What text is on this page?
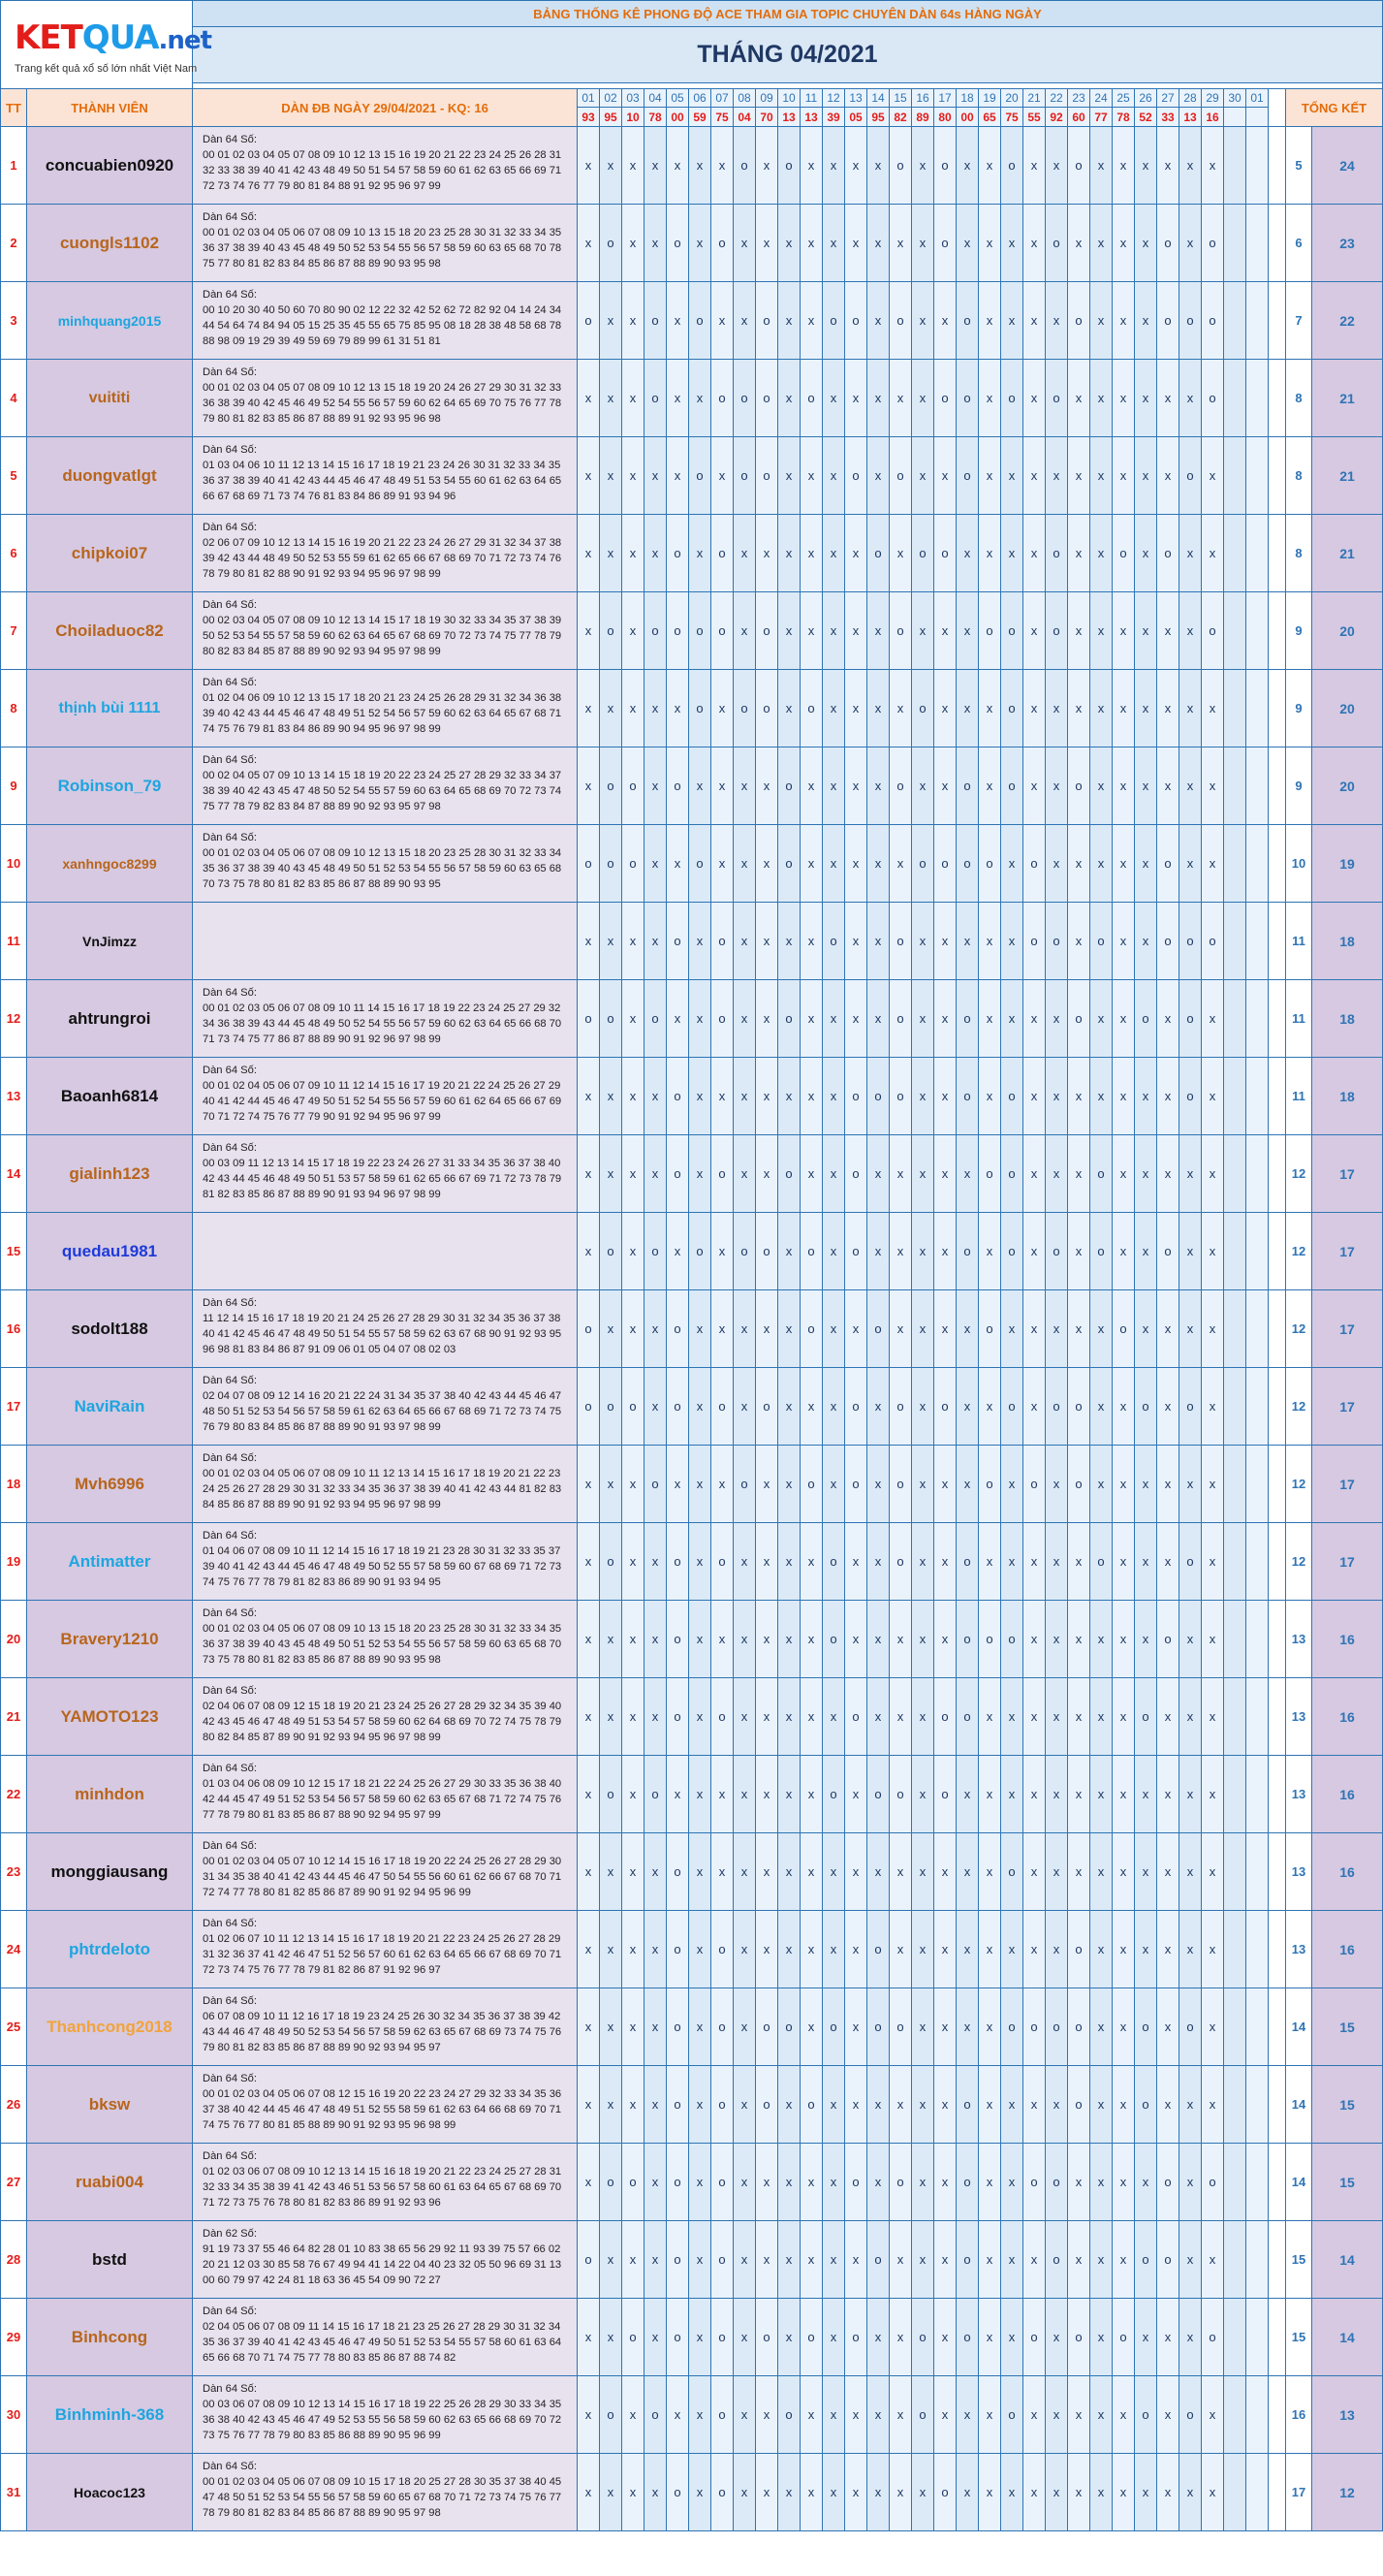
KETQUA.net
Trang kết quả xổ số lớn nhất Việt Nam		BẢNG THỐNG KÊ PHONG ĐỘ ACE THAM GIA TOPIC CHUYÊN DÀN 64s HÀNG NGÀY																																		
		THÁNG 04/2021																																		

TT	THÀNH VIÊN	DÀN ĐB NGÀY 29/04/2021 - KQ: 16	01	02	03	04	05	06	07	08	09	10	11	12	13	14	15	16	17	18	19	20	21	22	23	24	25	26	27	28	29	30	01		TỔNG KẾT	
			93	95	10	78	00	59	75	04	70	13	13	39	05	95	82	89	80	00	65	75	55	92	60	77	78	52	33	13	16					
1	concuabien0920	Dàn 64 Số:
00 01 02 03 04 05 07 08 09 10 12 13 15 16 19 20 21 22 23 24 25 26 28 31 32 33 38 39 40 41 42 43 48 49 50 51 54 57 58 59 60 61 62 63 65 66 69 71 72 73 74 76 77 79 80 81 84 88 91 92 95 96 97 99	x	x	x	x	x	x	x	o	x	o	x	x	x	x	o	x	o	x	x	o	x	x	o	x	x	x	x	x	x				5	24
2	cuongls1102	Dàn 64 Số:
00 01 02 03 04 05 06 07 08 09 10 13 15 18 20 23 25 28 30 31 32 33 34 35 36 37 38 39 40 43 45 48 49 50 52 53 54 55 56 57 58 59 60 63 65 68 70 78 75 77 80 81 82 83 84 85 86 87 88 89 90 93 95 98	x	o	x	x	o	x	o	x	x	x	x	x	x	x	x	x	o	x	x	x	x	o	x	x	x	x	o	x	o				6	23
3	minhquang2015	Dàn 64 Số:
00 10 20 30 40 50 60 70 80 90 02 12 22 32 42 52 62 72 82 92 04 14 24 34 44 54 64 74 84 94 05 15 25 35 45 55 65 75 85 95 08 18 28 38 48 58 68 78 88 98 09 19 29 39 49 59 69 79 89 99 61 31 51 81	o	x	x	o	x	o	x	x	o	x	x	o	o	x	o	x	x	o	x	x	x	x	o	x	x	x	o	o	o				7	22
4	vuititi	Dàn 64 Số:
00 01 02 03 04 05 07 08 09 10 12 13 15 18 19 20 24 26 27 29 30 31 32 33 36 38 39 40 42 45 46 49 52 54 55 56 57 59 60 62 64 65 69 70 75 76 77 78 79 80 81 82 83 85 86 87 88 89 91 92 93 95 96 98	x	x	x	o	x	x	o	o	o	x	o	x	x	x	x	x	o	o	x	o	x	o	x	x	x	x	x	x	o				8	21
5	duongvatlgt	Dàn 64 Số:
01 03 04 06 10 11 12 13 14 15 16 17 18 19 21 23 24 26 30 31 32 33 34 35 36 37 38 39 40 41 42 43 44 45 46 47 48 49 51 53 54 55 60 61 62 63 64 65 66 67 68 69 71 73 74 76 81 83 84 86 89 91 93 94 96	x	x	x	x	x	o	x	o	o	x	x	x	o	x	o	x	x	o	x	x	x	x	x	x	x	x	x	o	x				8	21
6	chipkoi07	Dàn 64 Số:
02 06 07 09 10 12 13 14 15 16 19 20 21 22 23 24 26 27 29 31 32 34 37 38 39 42 43 44 48 49 50 52 53 55 59 61 62 65 66 67 68 69 70 71 72 73 74 76 78 79 80 81 82 88 90 91 92 93 94 95 96 97 98 99	x	x	x	x	o	x	o	x	x	x	x	x	x	o	x	o	o	x	x	x	x	o	x	x	o	x	o	x	x				8	21
7	Choiladuoc82	Dàn 64 Số:
00 02 03 04 05 07 08 09 10 12 13 14 15 17 18 19 30 32 33 34 35 37 38 39 50 52 53 54 55 57 58 59 60 62 63 64 65 67 68 69 70 72 73 74 75 77 78 79 80 82 83 84 85 87 88 89 90 92 93 94 95 97 98 99	x	o	x	o	o	o	o	x	o	x	x	x	x	x	o	x	x	x	o	o	x	o	x	x	x	x	x	x	o				9	20
8	thịnh bùi 1111	Dàn 64 Số:
01 02 04 06 09 10 12 13 15 17 18 20 21 23 24 25 26 28 29 31 32 34 36 38 39 40 42 43 44 45 46 47 48 49 51 52 54 56 57 59 60 62 63 64 65 67 68 71 74 75 76 79 81 83 84 86 89 90 94 95 96 97 98 99	x	x	x	x	x	o	x	o	o	x	o	x	x	x	x	o	x	x	x	o	x	x	x	x	x	x	x	x	x				9	20
9	Robinson_79	Dàn 64 Số:
00 02 04 05 07 09 10 13 14 15 18 19 20 22 23 24 25 27 28 29 32 33 34 37 38 39 40 42 43 45 47 48 50 52 54 55 57 59 60 63 64 65 68 69 70 72 73 74 75 77 78 79 82 83 84 87 88 89 90 92 93 95 97 98	x	o	o	x	o	x	x	x	x	o	x	x	x	x	o	x	x	o	x	o	x	x	o	x	x	x	x	x	x				9	20
10	xanhngoc8299	Dàn 64 Số:
00 01 02 03 04 05 06 07 08 09 10 12 13 15 18 20 23 25 28 30 31 32 33 34 35 36 37 38 39 40 43 45 48 49 50 51 52 53 54 55 56 57 58 59 60 63 65 68 70 73 75 78 80 81 82 83 85 86 87 88 89 90 93 95	o	o	o	x	x	o	x	x	x	o	x	x	x	x	x	o	o	o	o	x	o	x	x	x	x	x	o	x	x				10	19
11	VnJimzz		x	x	x	x	o	x	o	x	x	x	x	o	x	x	o	x	x	x	x	x	o	o	x	o	x	x	o	o	o				11	18
12	ahtrungroi	Dàn 64 Số:
00 01 02 03 05 06 07 08 09 10 11 14 15 16 17 18 19 22 23 24 25 27 29 32 34 36 38 39 43 44 45 48 49 50 52 54 55 56 57 59 60 62 63 64 65 66 68 70 71 73 74 75 77 86 87 88 89 90 91 92 96 97 98 99	o	o	x	o	x	x	o	x	x	o	x	x	x	x	o	x	x	o	x	x	x	x	o	x	x	o	x	o	x				11	18
13	Baoanh6814	Dàn 64 Số:
00 01 02 04 05 06 07 09 10 11 12 14 15 16 17 19 20 21 22 24 25 26 27 29 40 41 42 44 45 46 47 49 50 51 52 54 55 56 57 59 60 61 62 64 65 66 67 69 70 71 72 74 75 76 77 79 90 91 92 94 95 96 97 99	x	x	x	x	o	x	x	x	x	x	x	x	o	o	o	x	x	o	x	o	x	x	x	x	x	x	x	o	x				11	18
14	gialinh123	Dàn 64 Số:
00 03 09 11 12 13 14 15 17 18 19 22 23 24 26 27 31 33 34 35 36 37 38 40 42 43 44 45 46 48 49 50 51 53 57 58 59 61 62 65 66 67 69 71 72 73 78 79 81 82 83 85 86 87 88 89 90 91 93 94 96 97 98 99	x	x	x	x	o	x	o	x	x	o	x	x	o	x	x	x	x	x	o	o	x	x	x	o	x	x	x	x	x				12	17
15	quedau1981		x	o	x	o	x	o	x	o	o	x	o	x	o	x	x	x	x	o	x	o	x	o	x	o	x	x	o	x	x				12	17
16	sodolt188	Dàn 64 Số:
11 12 14 15 16 17 18 19 20 21 24 25 26 27 28 29 30 31 32 34 35 36 37 38 40 41 42 45 46 47 48 49 50 51 54 55 57 58 59 62 63 67 68 90 91 92 93 95 96 98 81 83 84 86 87 91 09 06 01 05 04 07 08 02 03	o	x	x	x	o	x	x	x	x	x	o	x	x	o	x	x	x	x	o	x	x	x	x	x	o	x	x	x	x				12	17
17	NaviRain	Dàn 64 Số:
02 04 07 08 09 12 14 16 20 21 22 24 31 34 35 37 38 40 42 43 44 45 46 47 48 50 51 52 53 54 56 57 58 59 61 62 63 64 65 66 67 68 69 71 72 73 74 75 76 79 80 83 84 85 86 87 88 89 90 91 93 97 98 99	o	o	o	x	o	x	o	x	o	x	x	x	o	x	o	x	o	x	x	o	x	o	o	x	x	o	x	o	x				12	17
18	Mvh6996	Dàn 64 Số:
00 01 02 03 04 05 06 07 08 09 10 11 12 13 14 15 16 17 18 19 20 21 22 23 24 25 26 27 28 29 30 31 32 33 34 35 36 37 38 39 40 41 42 43 44 81 82 83 84 85 86 87 88 89 90 91 92 93 94 95 96 97 98 99	x	x	x	o	x	x	x	o	x	x	o	x	o	x	o	x	x	x	o	x	o	x	o	x	x	x	x	x	x				12	17
19	Antimatter	Dàn 64 Số:
01 04 06 07 08 09 10 11 12 14 15 16 17 18 19 21 23 28 30 31 32 33 35 37 39 40 41 42 43 44 45 46 47 48 49 50 52 55 57 58 59 60 67 68 69 71 72 73 74 75 76 77 78 79 81 82 83 86 89 90 91 93 94 95	x	o	x	x	o	x	o	x	x	x	x	o	x	x	o	x	x	o	x	x	x	x	x	o	x	x	x	o	x				12	17
20	Bravery1210	Dàn 64 Số:
00 01 02 03 04 05 06 07 08 09 10 13 15 18 20 23 25 28 30 31 32 33 34 35 36 37 38 39 40 43 45 48 49 50 51 52 53 54 55 56 57 58 59 60 63 65 68 70 73 75 78 80 81 82 83 85 86 87 88 89 90 93 95 98	x	x	x	x	o	x	x	x	x	x	x	o	x	x	x	x	x	o	o	o	x	x	x	x	x	x	o	x	x				13	16
21	YAMOTO123	Dàn 64 Số:
02 04 06 07 08 09 12 15 18 19 20 21 23 24 25 26 27 28 29 32 34 35 39 40 42 43 45 46 47 48 49 51 53 54 57 58 59 60 62 64 68 69 70 72 74 75 78 79 80 82 84 85 87 89 90 91 92 93 94 95 96 97 98 99	x	x	x	x	o	x	o	x	x	x	x	x	o	x	x	x	o	o	x	x	x	x	x	x	x	o	x	x	x				13	16
22	minhdon	Dàn 64 Số:
01 03 04 06 08 09 10 12 15 17 18 21 22 24 25 26 27 29 30 33 35 36 38 40 42 44 45 47 49 51 52 53 54 56 57 58 59 60 62 63 65 67 68 71 72 74 75 76 77 78 79 80 81 83 85 86 87 88 90 92 94 95 97 99	x	o	x	o	x	x	x	x	x	x	x	o	x	o	o	x	o	x	x	x	x	x	x	x	x	x	x	x	x				13	16
23	monggiausang	Dàn 64 Số:
00 01 02 03 04 05 07 10 12 14 15 16 17 18 19 20 22 24 25 26 27 28 29 30 31 34 35 38 40 41 42 43 44 45 46 47 50 54 55 56 60 61 62 66 67 68 70 71 72 74 77 78 80 81 82 85 86 87 89 90 91 92 94 95 96 99	x	x	x	x	o	x	x	x	x	x	x	x	x	x	x	x	x	x	x	o	x	x	x	x	x	x	x	x	x				13	16
24	phtrdeloto	Dàn 64 Số:
01 02 06 07 10 11 12 13 14 15 16 17 18 19 20 21 22 23 24 25 26 27 28 29 31 32 36 37 41 42 46 47 51 52 56 57 60 61 62 63 64 65 66 67 68 69 70 71 72 73 74 75 76 77 78 79 81 82 86 87 91 92 96 97	x	x	x	x	o	x	o	x	x	x	x	x	x	o	x	x	x	x	x	x	x	x	o	x	x	x	x	x	x				13	16
25	Thanhcong2018	Dàn 64 Số:
06 07 08 09 10 11 12 16 17 18 19 23 24 25 26 30 32 34 35 36 37 38 39 42 43 44 46 47 48 49 50 52 53 54 56 57 58 59 62 63 65 67 68 69 73 74 75 76 79 80 81 82 83 85 86 87 88 89 90 92 93 94 95 97	x	x	x	x	o	x	o	x	o	o	x	o	x	o	o	x	x	x	x	o	o	o	o	x	x	o	x	o	x				14	15
26	bksw	Dàn 64 Số:
00 01 02 03 04 05 06 07 08 12 15 16 19 20 22 23 24 27 29 32 33 34 35 36 37 38 40 42 44 45 46 47 48 49 51 52 55 58 59 61 62 63 64 66 68 69 70 71 74 75 76 77 80 81 85 88 89 90 91 92 93 95 96 98 99	x	x	x	x	o	x	o	x	o	x	o	x	x	x	x	x	x	o	x	x	x	x	o	x	x	o	x	x	x				14	15
27	ruabi004	Dàn 64 Số:
01 02 03 06 07 08 09 10 12 13 14 15 16 18 19 20 21 22 23 24 25 27 28 31 32 33 34 35 38 39 41 42 43 46 51 53 56 57 58 60 61 63 64 65 67 68 69 70 71 72 73 75 76 78 80 81 82 83 86 89 91 92 93 96	x	o	o	x	o	x	o	x	x	x	x	x	o	x	o	x	x	o	x	x	o	o	x	x	x	x	o	x	o				14	15
28	bstd	Dàn 62 Số:
91 19 73 37 55 46 64 82 28 01 10 83 38 65 56 29 92 11 93 39 75 57 66 02 20 21 12 03 30 85 58 76 67 49 94 41 14 22 04 40 23 32 05 50 96 69 31 13 00 60 79 97 42 24 81 18 63 36 45 54 09 90 72 27	o	x	x	x	o	x	o	x	x	x	x	x	x	o	x	x	x	o	x	x	x	o	x	x	x	o	o	x	x				15	14
29	Binhcong	Dàn 64 Số:
02 04 05 06 07 08 09 11 14 15 16 17 18 21 23 25 26 27 28 29 30 31 32 34 35 36 37 39 40 41 42 43 45 46 47 49 50 51 52 53 54 55 57 58 60 61 63 64 65 66 68 70 71 74 75 77 78 80 83 85 86 87 88 74 82	x	x	o	x	o	x	o	x	o	x	o	x	o	x	x	o	x	o	x	x	o	x	o	x	o	x	x	x	o				15	14
30	Binhminh-368	Dàn 64 Số:
00 03 06 07 08 09 10 12 13 14 15 16 17 18 19 22 25 26 28 29 30 33 34 35 36 38 40 42 43 45 46 47 49 52 53 55 56 58 59 60 62 63 65 66 68 69 70 72 73 75 76 77 78 79 80 83 85 86 88 89 90 95 96 99	x	o	x	o	x	x	o	x	x	o	x	x	x	x	x	o	x	x	x	o	x	x	x	x	x	o	x	o	x				16	13
31	Hoacoc123	Dàn 64 Số:
00 01 02 03 04 05 06 07 08 09 10 15 17 18 20 25 27 28 30 35 37 38 40 45 47 48 50 51 52 53 54 55 56 57 58 59 60 65 67 68 70 71 72 73 74 75 76 77 78 79 80 81 82 83 84 85 86 87 88 89 90 95 97 98	x	x	x	x	o	x	o	x	x	x	x	x	x	x	x	x	o	x	x	x	x	x	x	x	x	x	x	x	x				17	12
